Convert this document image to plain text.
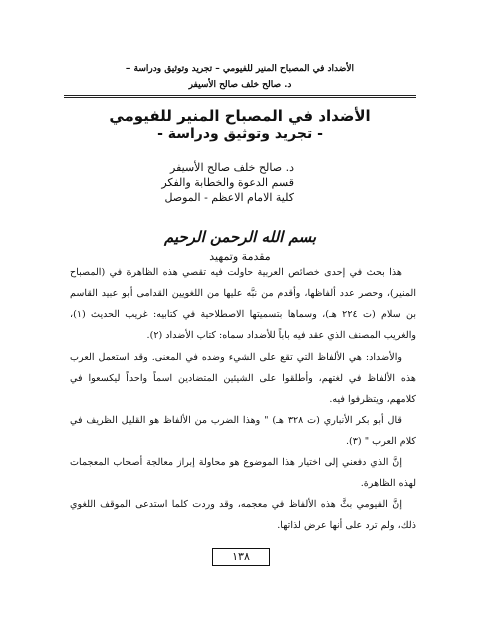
الأضداد في المصباح المنير للفيومي – تجريد وتوثيق ودراسة –
د. صالح خلف صالح الأسيفر
الأضداد في المصباح المنير للفيومي
- تجريد وتوثيق ودراسة -
د. صالح خلف صالح الأسيفر
قسم الدعوة والخطابة والفكر
كلية الامام الاعظم - الموصل
بسم الله الرحمن الرحيم
مقدمة وتمهيد

هذا بحث في إحدى خصائص العربية حاولت فيه تقصي هذه الظاهرة في (المصباح المنير)، وحصر عدد ألفاظها، وأقدم من نبَّه عليها من اللغويين القدامى أبو عبيد القاسم بن سلام (ت ٢٢٤ هـ)، وسماها بتسميتها الاصطلاحية في كتابيه: غريب الحديث (١)، والغريب المصنف الذي عقد فيه باباً للأضداد سماه: كتاب الأضداد (٢).

والأضداد: هي الألفاظ التي تقع على الشيء وضده في المعنى. وقد استعمل العرب هذه الألفاظ في لغتهم، وأطلقوا على الشيئين المتضادين اسماً واحداً ليكسعوا في كلامهم، ويتظرفوا فيه.

قال أبو بكر الأنباري (ت ٣٢٨ هـ) " وهذا الضرب من الألفاظ هو القليل الظريف في كلام العرب " (٣).

إنَّ الذي دفعني إلى اختيار هذا الموضوع هو محاولة إبراز معالجة أصحاب المعجمات لهذه الظاهرة.

إنَّ الفيومي بثَّ هذه الألفاظ في معجمه، وقد وردت كلما استدعى الموقف اللغوي ذلك، ولم ترد على أنها عرض لذاتها.

١٣٨
